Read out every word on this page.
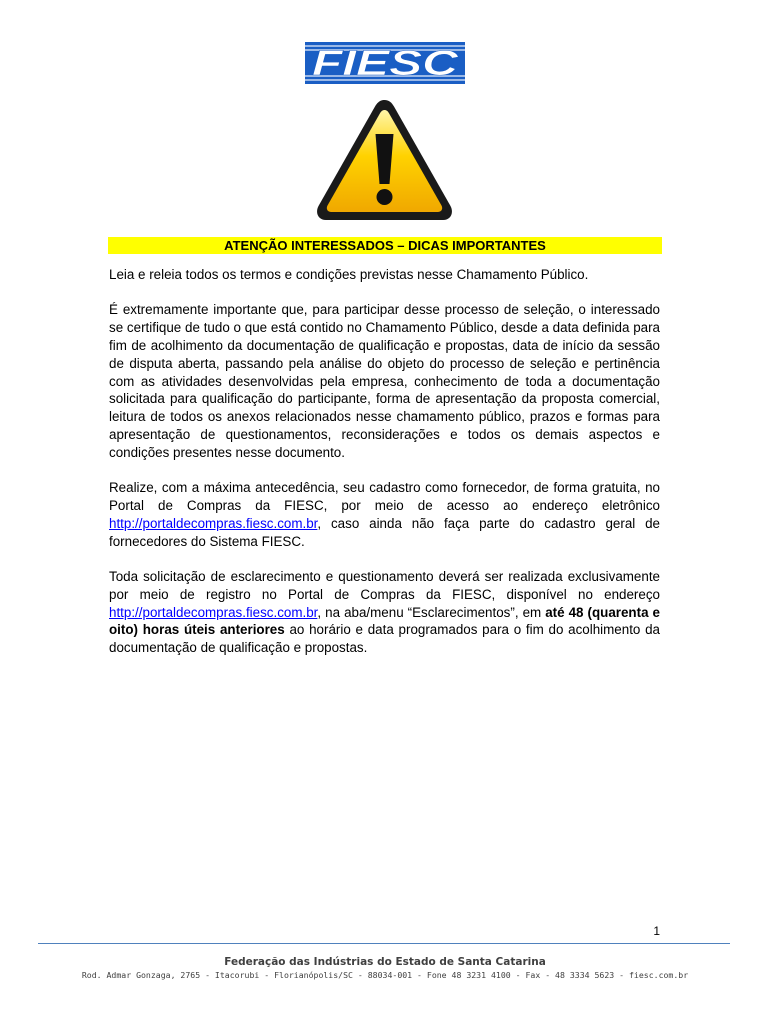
FIESC
ATENÇÃO INTERESSADOS – DICAS IMPORTANTES

Leia e releia todos os termos e condições previstas nesse Chamamento Público.

É extremamente importante que, para participar desse processo de seleção, o interessado se certifique de tudo o que está contido no Chamamento Público, desde a data definida para fim de acolhimento da documentação de qualificação e propostas, data de início da sessão de disputa aberta, passando pela análise do objeto do processo de seleção e pertinência com as atividades desenvolvidas pela empresa, conhecimento de toda a documentação solicitada para qualificação do participante, forma de apresentação da proposta comercial, leitura de todos os anexos relacionados nesse chamamento público, prazos e formas para apresentação de questionamentos, reconsiderações e todos os demais aspectos e condições presentes nesse documento.

Realize, com a máxima antecedência, seu cadastro como fornecedor, de forma gratuita, no Portal de Compras da FIESC, por meio de acesso ao endereço eletrônico http://portaldecompras.fiesc.com.br, caso ainda não faça parte do cadastro geral de fornecedores do Sistema FIESC.

Toda solicitação de esclarecimento e questionamento deverá ser realizada exclusivamente por meio de registro no Portal de Compras da FIESC, disponível no endereço http://portaldecompras.fiesc.com.br, na aba/menu “Esclarecimentos”, em até 48 (quarenta e oito) horas úteis anteriores ao horário e data programados para o fim do acolhimento da documentação de qualificação e propostas.

1
Federação das Indústrias do Estado de Santa Catarina
Rod. Admar Gonzaga, 2765 - Itacorubi - Florianópolis/SC - 88034-001 - Fone 48 3231 4100 - Fax - 48 3334 5623 - fiesc.com.br
